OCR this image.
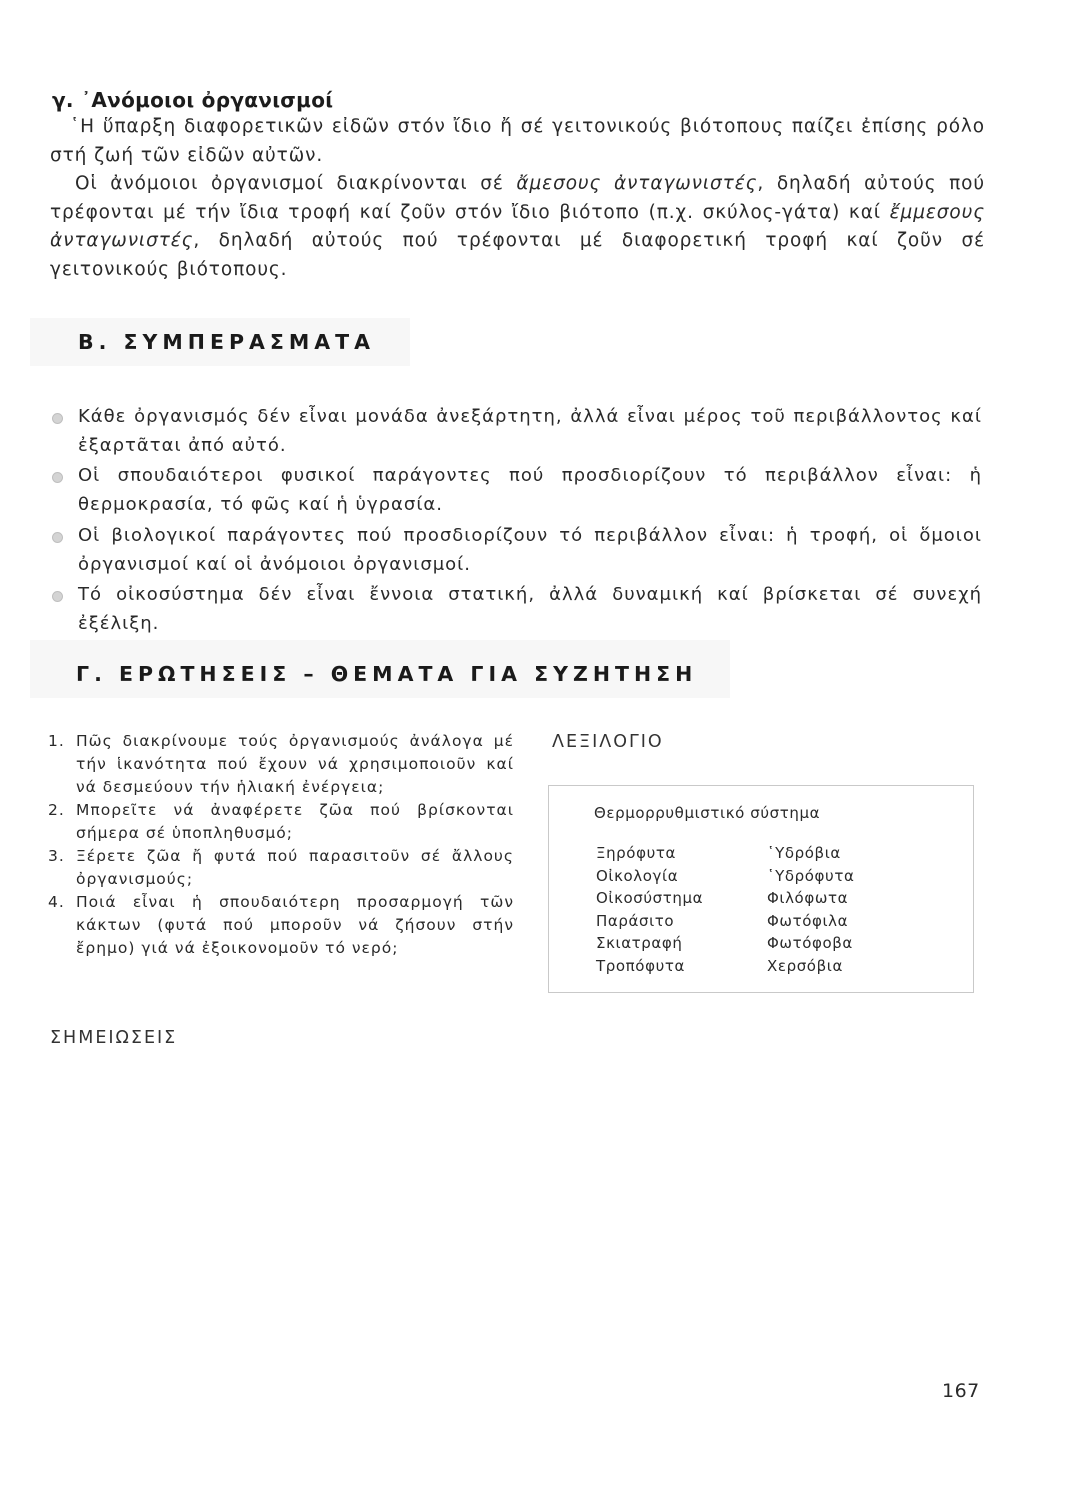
γ. ᾿Ανόμοιοι ὀργανισμοί
῾Η ὕπαρξη διαφορετικῶν εἰδῶν στόν ἴδιο ἤ σέ γειτονικούς βιότοπους παίζει ἐπίσης ρόλο στή ζωή τῶν εἰδῶν αὐτῶν.
Οἱ ἀνόμοιοι ὀργανισμοί διακρίνονται σέ ἄμεσους ἀνταγωνιστές, δηλαδή αὐτούς πού τρέφονται μέ τήν ἴδια τροφή καί ζοῦν στόν ἴδιο βιότοπο (π.χ. σκύλος-γάτα) καί ἔμμεσους ἀνταγωνιστές, δηλαδή αὐτούς πού τρέφονται μέ διαφορετική τροφή καί ζοῦν σέ γειτονικούς βιότοπους.
Β. ΣΥΜΠΕΡΑΣΜΑΤΑ
Κάθε ὀργανισμός δέν εἶναι μονάδα ἀνεξάρτητη, ἀλλά εἶναι μέρος τοῦ περιβάλλοντος καί ἐξαρτᾶται ἀπό αὐτό.
Οἱ σπουδαιότεροι φυσικοί παράγοντες πού προσδιορίζουν τό περιβάλλον εἶναι: ἡ θερμοκρασία, τό φῶς καί ἡ ὑγρασία.
Οἱ βιολογικοί παράγοντες πού προσδιορίζουν τό περιβάλλον εἶναι: ἡ τροφή, οἱ ὅμοιοι ὀργανισμοί καί οἱ ἀνόμοιοι ὀργανισμοί.
Τό οἰκοσύστημα δέν εἶναι ἔννοια στατική, ἀλλά δυναμική καί βρίσκεται σέ συνεχή ἐξέλιξη.
Γ. ΕΡΩΤΗΣΕΙΣ – ΘΕΜΑΤΑ ΓΙΑ ΣΥΖΗΤΗΣΗ
1. Πῶς διακρίνουμε τούς ὀργανισμούς ἀνάλογα μέ τήν ἱκανότητα πού ἔχουν νά χρησιμοποιοῦν καί νά δεσμεύουν τήν ἡλιακή ἐνέργεια;
2. Μπορεῖτε νά ἀναφέρετε ζῶα πού βρίσκονται σήμερα σέ ὑποπληθυσμό;
3. Ξέρετε ζῶα ἤ φυτά πού παρασιτοῦν σέ ἄλλους ὀργανισμούς;
4. Ποιά εἶναι ἡ σπουδαιότερη προσαρμογή τῶν κάκτων (φυτά πού μποροῦν νά ζήσουν στήν ἔρημο) γιά νά ἐξοικονομοῦν τό νερό;
ΛΕΞΙΛΟΓΙΟ
Θερμορρυθμιστικό σύστημα
Ξηρόφυτα
Οἰκολογία
Οἰκοσύστημα
Παράσιτο
Σκιατραφή
Τροπόφυτα
῾Υδρόβια
῾Υδρόφυτα
Φιλόφωτα
Φωτόφιλα
Φωτόφοβα
Χερσόβια
ΣΗΜΕΙΩΣΕΙΣ
167
